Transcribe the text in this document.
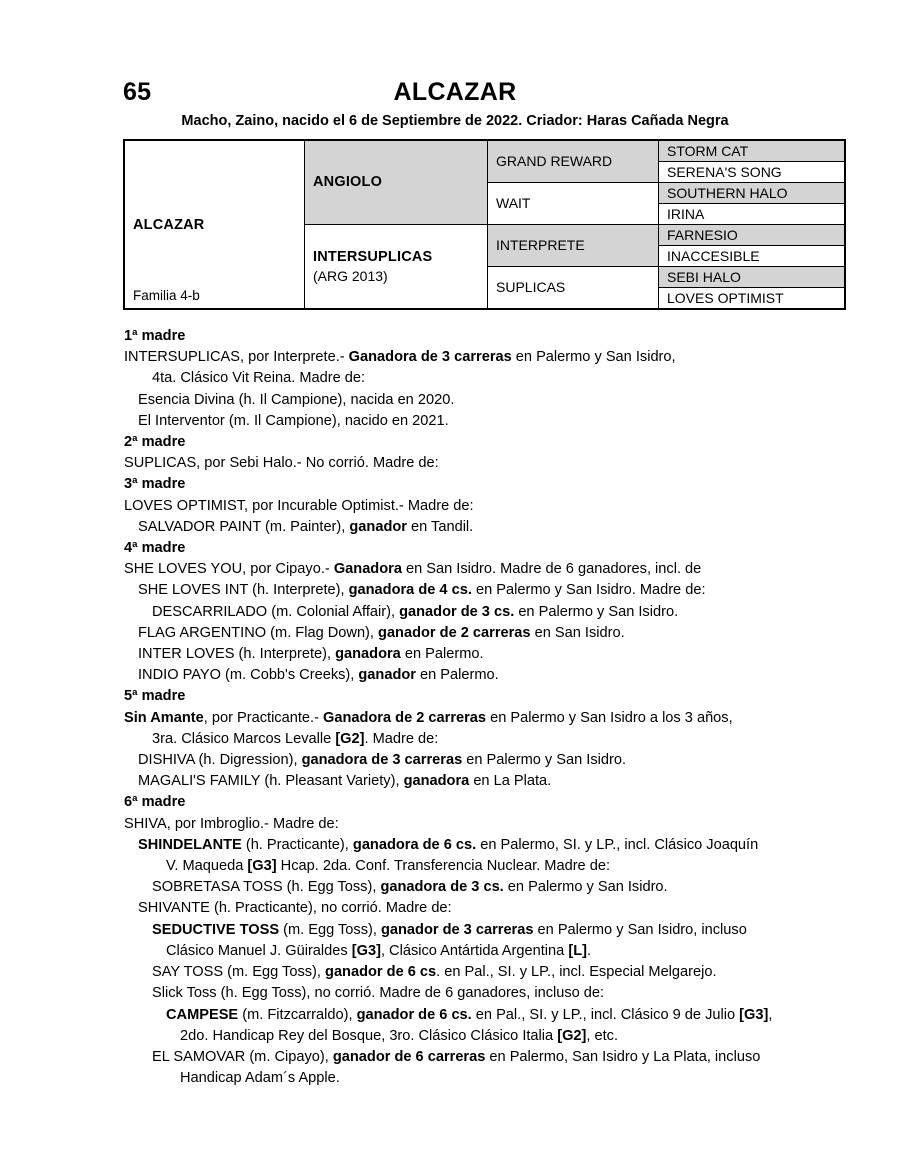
65	ALCAZAR
Macho, Zaino, nacido el 6 de Septiembre de 2022. Criador: Haras Cañada Negra
ALCAZAR
Familia 4-b	ANGIOLO	GRAND REWARD	STORM CAT
			SERENA'S SONG
		WAIT	SOUTHERN HALO
			IRINA

	INTERSUPLICAS
(ARG 2013)	INTERPRETE	FARNESIO
			INACCESIBLE
		SUPLICAS	SEBI HALO
			LOVES OPTIMIST
1ª madre
INTERSUPLICAS, por Interprete.- Ganadora de 3 carreras en Palermo y San Isidro,
4ta. Clásico Vit Reina. Madre de:
Esencia Divina (h. Il Campione), nacida en 2020.
El Interventor (m. Il Campione), nacido en 2021.
2ª madre
SUPLICAS, por Sebi Halo.- No corrió. Madre de:
3ª madre
LOVES OPTIMIST, por Incurable Optimist.- Madre de:
SALVADOR PAINT (m. Painter), ganador en Tandil.
4ª madre
SHE LOVES YOU, por Cipayo.- Ganadora en San Isidro. Madre de 6 ganadores, incl. de
SHE LOVES INT (h. Interprete), ganadora de 4 cs. en Palermo y San Isidro. Madre de:
DESCARRILADO (m. Colonial Affair), ganador de 3 cs. en Palermo y San Isidro.
FLAG ARGENTINO (m. Flag Down), ganador de 2 carreras en San Isidro.
INTER LOVES (h. Interprete), ganadora en Palermo.
INDIO PAYO (m. Cobb's Creeks), ganador en Palermo.
5ª madre
Sin Amante, por Practicante.- Ganadora de 2 carreras en Palermo y San Isidro a los 3 años,
3ra. Clásico Marcos Levalle [G2]. Madre de:
DISHIVA (h. Digression), ganadora de 3 carreras en Palermo y San Isidro.
MAGALI'S FAMILY (h. Pleasant Variety), ganadora en La Plata.
6ª madre
SHIVA, por Imbroglio.- Madre de:
SHINDELANTE (h. Practicante), ganadora de 6 cs. en Palermo, SI. y LP., incl. Clásico Joaquín
V. Maqueda [G3] Hcap. 2da. Conf. Transferencia Nuclear. Madre de:
SOBRETASA TOSS (h. Egg Toss), ganadora de 3 cs. en Palermo y San Isidro.
SHIVANTE (h. Practicante), no corrió. Madre de:
SEDUCTIVE TOSS (m. Egg Toss), ganador de 3 carreras en Palermo y San Isidro, incluso
Clásico Manuel J. Güiraldes [G3], Clásico Antártida Argentina [L].
SAY TOSS (m. Egg Toss), ganador de 6 cs. en Pal., SI. y LP., incl. Especial Melgarejo.
Slick Toss (h. Egg Toss), no corrió. Madre de 6 ganadores, incluso de:
CAMPESE (m. Fitzcarraldo), ganador de 6 cs. en Pal., SI. y LP., incl. Clásico 9 de Julio [G3],
2do. Handicap Rey del Bosque, 3ro. Clásico Clásico Italia [G2], etc.
EL SAMOVAR (m. Cipayo), ganador de 6 carreras en Palermo, San Isidro y La Plata, incluso
Handicap Adam´s Apple.
